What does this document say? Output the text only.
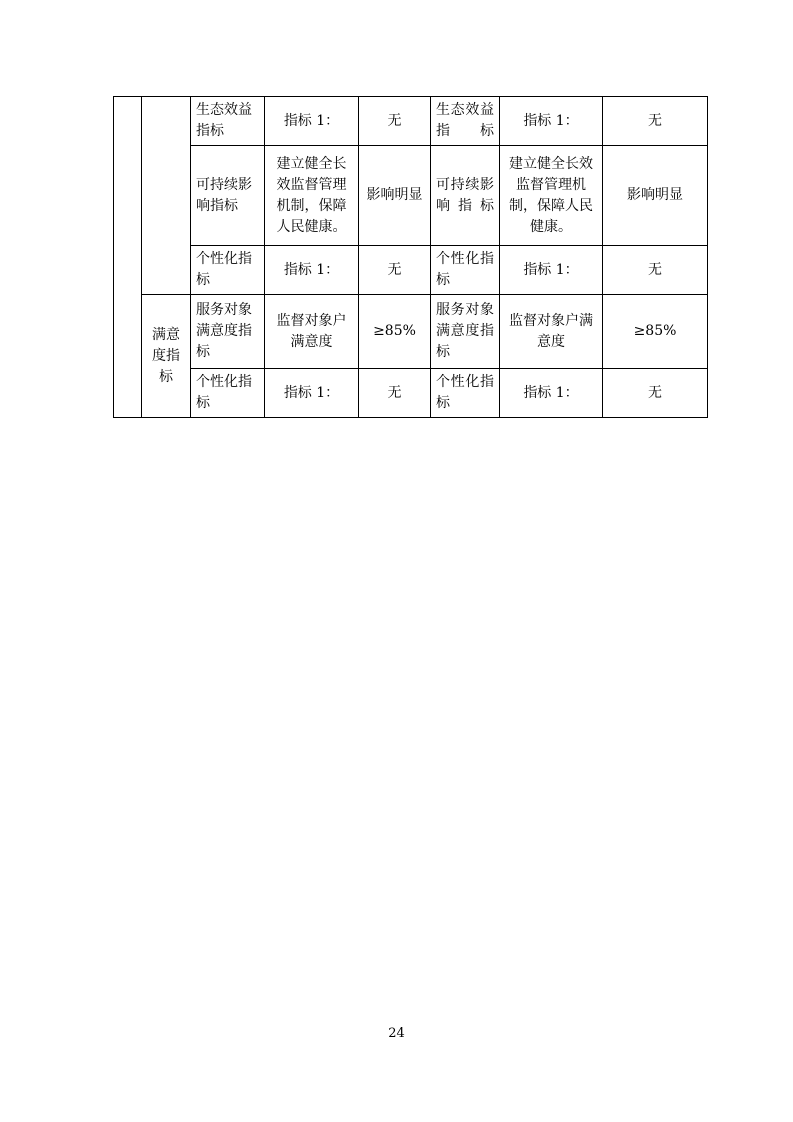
		生态效益指标	指标 1：	无	生态效益指标	指标 1：	无
		可持续影响指标	建立健全长效监督管理机制，保障人民健康。	影响明显	可持续影响指标	建立健全长效监督管理机制，保障人民健康。	影响明显
		个性化指标	指标 1：	无	个性化指标	指标 1：	无
	满意度指标	服务对象满意度指标	监督对象户满意度	≥85%	服务对象满意度指标	监督对象户满意度	≥85%
		个性化指标	指标 1：	无	个性化指标	指标 1：	无
24
